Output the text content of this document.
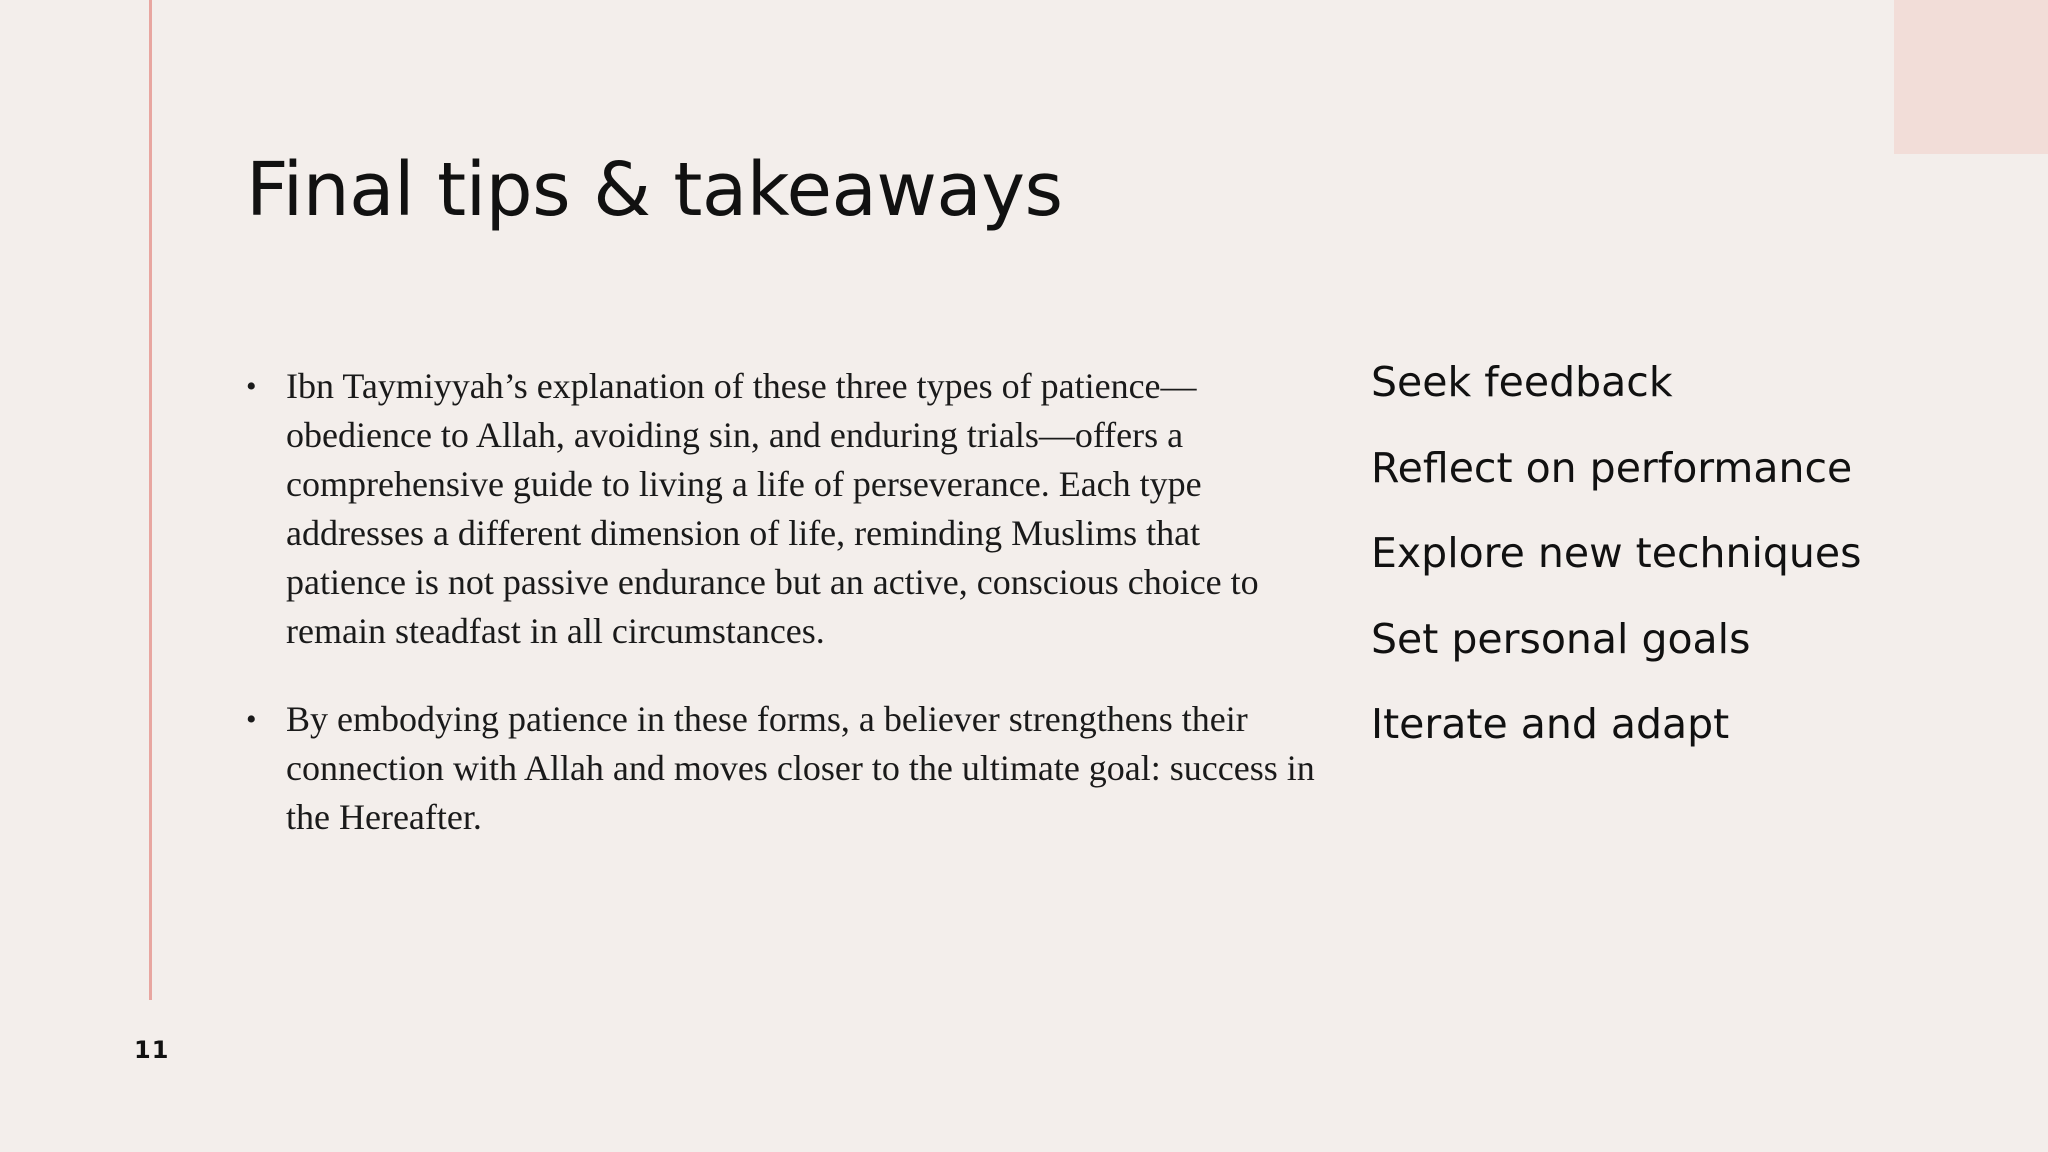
Final tips & takeaways
• Ibn Taymiyyah’s explanation of these three types of patience—obedience to Allah, avoiding sin, and enduring trials—offers a comprehensive guide to living a life of perseverance. Each type addresses a different dimension of life, reminding Muslims that patience is not passive endurance but an active, conscious choice to remain steadfast in all circumstances.
• By embodying patience in these forms, a believer strengthens their connection with Allah and moves closer to the ultimate goal: success in the Hereafter.
Seek feedback
Reflect on performance
Explore new techniques
Set personal goals
Iterate and adapt
11
